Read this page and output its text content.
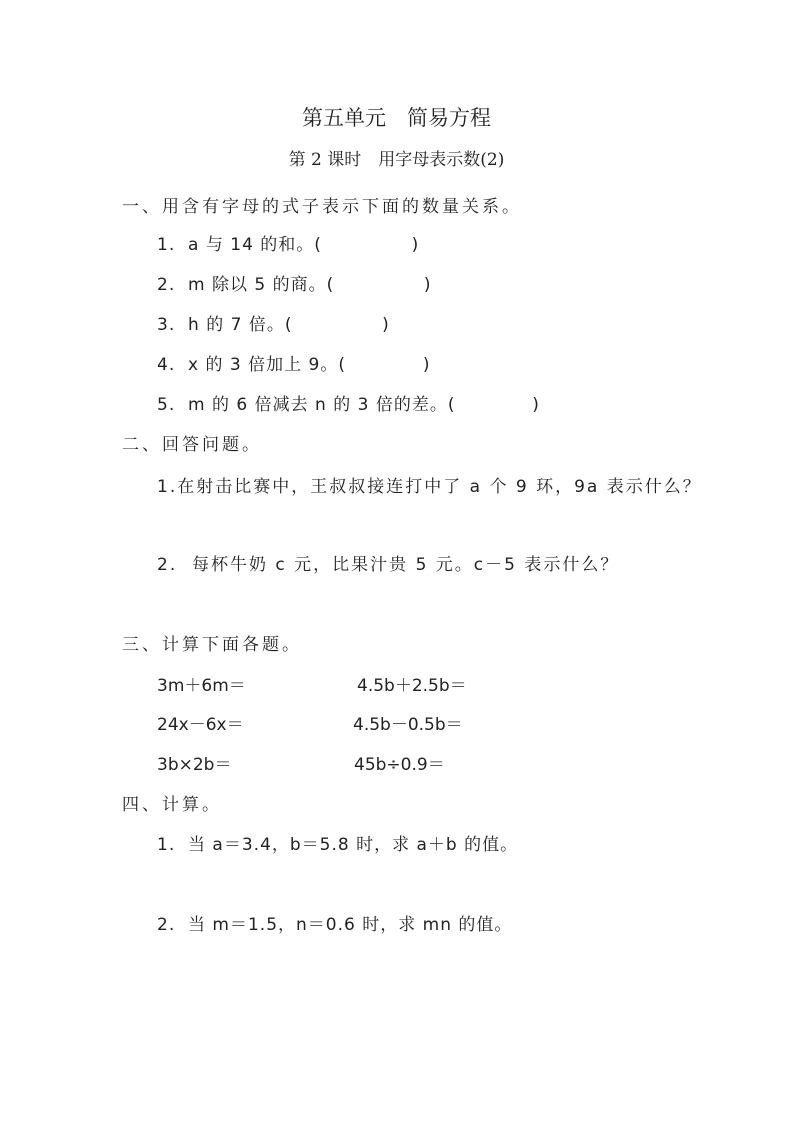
第五单元　简易方程
第 2 课时　用字母表示数(2)
一、用含有字母的式子表示下面的数量关系。
1.  a 与 14 的和。(              )
2.  m 除以 5 的商。(              )
3.  h 的 7 倍。(              )
4.  x 的 3 倍加上 9。(            )
5.  m 的 6 倍减去 n 的 3 倍的差。(            )
二、回答问题。
1.在射击比赛中，王叔叔接连打中了 a 个 9 环，9a 表示什么？
2.  每杯牛奶 c 元，比果汁贵 5 元。c－5 表示什么？
三、计算下面各题。
3m＋6m＝	4.5b＋2.5b＝
24x－6x＝	4.5b－0.5b＝
3b×2b＝	45b÷0.9＝
四、计算。
1.  当 a＝3.4，b＝5.8 时，求 a＋b 的值。
2.  当 m＝1.5，n＝0.6 时，求 mn 的值。
